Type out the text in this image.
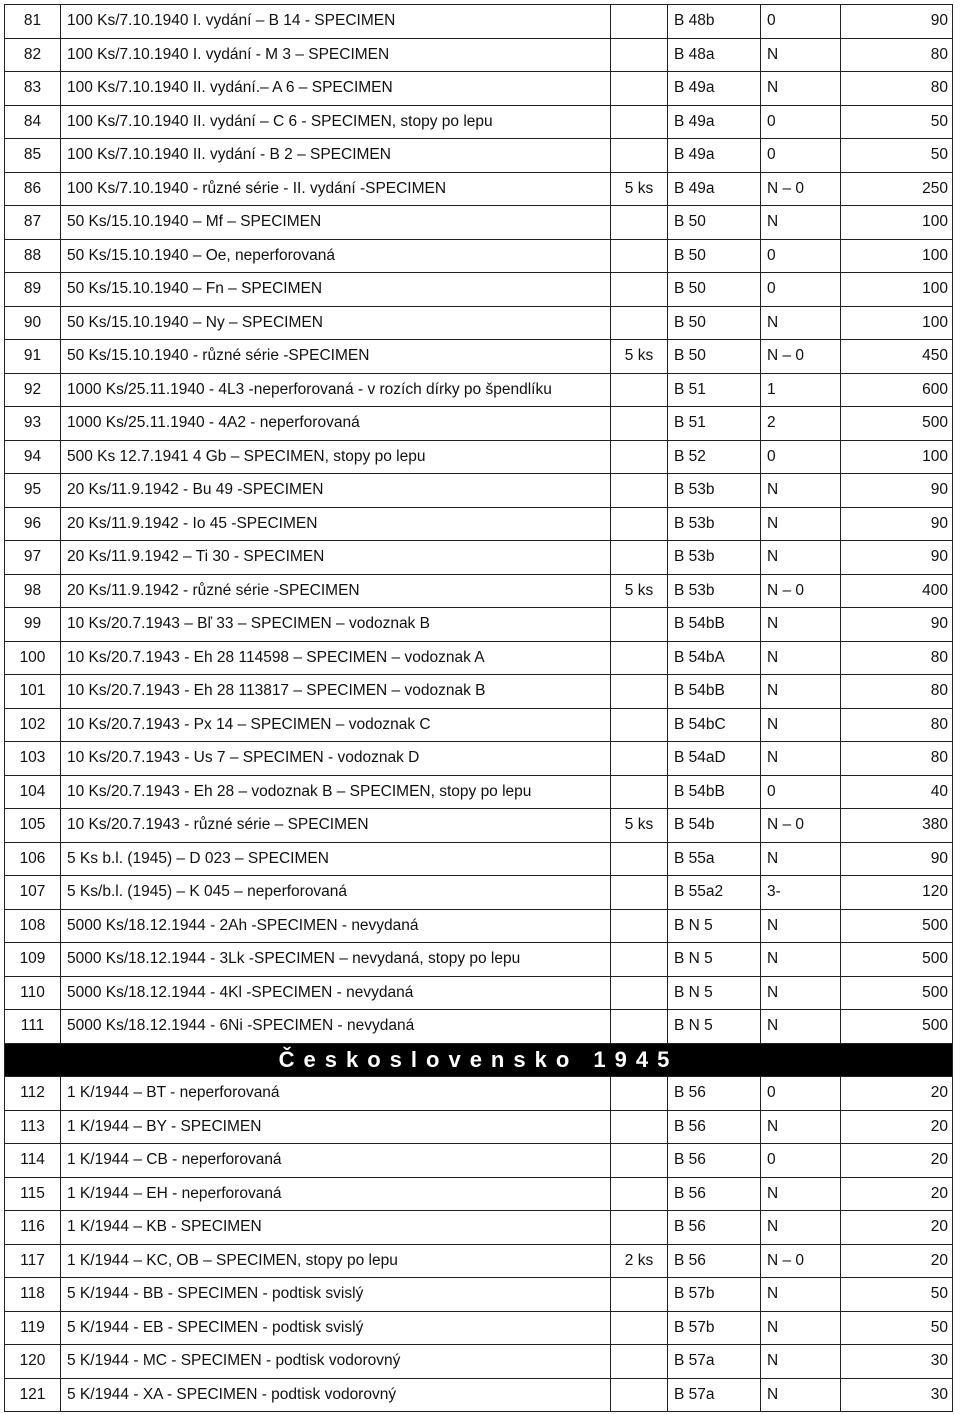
81	100 Ks/7.10.1940 I. vydání – B 14 - SPECIMEN		B 48b	0	90
82	100 Ks/7.10.1940 I. vydání - M 3 – SPECIMEN		B 48a	N	80
83	100 Ks/7.10.1940 II. vydání.– A 6 – SPECIMEN		B 49a	N	80
84	100 Ks/7.10.1940 II. vydání – C 6 - SPECIMEN, stopy po lepu		B 49a	0	50
85	100 Ks/7.10.1940 II. vydání - B 2 – SPECIMEN		B 49a	0	50
86	100 Ks/7.10.1940 - různé série - II. vydání -SPECIMEN	5 ks	B 49a	N – 0	250
87	50 Ks/15.10.1940 – Mf – SPECIMEN		B 50	N	100
88	50 Ks/15.10.1940 – Oe, neperforovaná		B 50	0	100
89	50 Ks/15.10.1940 – Fn – SPECIMEN		B 50	0	100
90	50 Ks/15.10.1940 – Ny – SPECIMEN		B 50	N	100
91	50 Ks/15.10.1940 - různé série -SPECIMEN	5 ks	B 50	N – 0	450
92	1000 Ks/25.11.1940 - 4L3 -neperforovaná - v rozích dírky po špendlíku		B 51	1	600
93	1000 Ks/25.11.1940 - 4A2 - neperforovaná		B 51	2	500
94	500 Ks 12.7.1941 4 Gb – SPECIMEN, stopy po lepu		B 52	0	100
95	20 Ks/11.9.1942 - Bu 49 -SPECIMEN		B 53b	N	90
96	20 Ks/11.9.1942 - Io 45 -SPECIMEN		B 53b	N	90
97	20 Ks/11.9.1942 – Ti 30 - SPECIMEN		B 53b	N	90
98	20 Ks/11.9.1942 - různé série -SPECIMEN	5 ks	B 53b	N – 0	400
99	10 Ks/20.7.1943 – Bľ 33 – SPECIMEN – vodoznak B		B 54bB	N	90
100	10 Ks/20.7.1943 - Eh 28 114598 – SPECIMEN – vodoznak A		B 54bA	N	80
101	10 Ks/20.7.1943 - Eh 28 113817 – SPECIMEN – vodoznak B		B 54bB	N	80
102	10 Ks/20.7.1943 - Px 14 – SPECIMEN – vodoznak C		B 54bC	N	80
103	10 Ks/20.7.1943 - Us 7 – SPECIMEN - vodoznak D		B 54aD	N	80
104	10 Ks/20.7.1943 - Eh 28 – vodoznak B – SPECIMEN, stopy po lepu		B 54bB	0	40
105	10 Ks/20.7.1943 - různé série – SPECIMEN	5 ks	B 54b	N – 0	380
106	5 Ks b.l. (1945) – D 023 – SPECIMEN		B 55a	N	90
107	5 Ks/b.l. (1945) – K 045 – neperforovaná		B 55a2	3-	120
108	5000 Ks/18.12.1944 - 2Ah -SPECIMEN - nevydaná		B N 5	N	500
109	5000 Ks/18.12.1944 - 3Lk -SPECIMEN – nevydaná, stopy po lepu		B N 5	N	500
110	5000 Ks/18.12.1944 - 4Kl -SPECIMEN - nevydaná		B N 5	N	500
111	5000 Ks/18.12.1944 - 6Ni -SPECIMEN - nevydaná		B N 5	N	500
Československo 1945					
112	1 K/1944 – BT - neperforovaná		B 56	0	20
113	1 K/1944 – BY - SPECIMEN		B 56	N	20
114	1 K/1944 – CB - neperforovaná		B 56	0	20
115	1 K/1944 – EH - neperforovaná		B 56	N	20
116	1 K/1944 – KB - SPECIMEN		B 56	N	20
117	1 K/1944 – KC, OB – SPECIMEN, stopy po lepu	2 ks	B 56	N – 0	20
118	5 K/1944 - BB - SPECIMEN - podtisk svislý		B 57b	N	50
119	5 K/1944 - EB - SPECIMEN - podtisk svislý		B 57b	N	50
120	5 K/1944 - MC - SPECIMEN - podtisk vodorovný		B 57a	N	30
121	5 K/1944 - XA - SPECIMEN - podtisk vodorovný		B 57a	N	30
